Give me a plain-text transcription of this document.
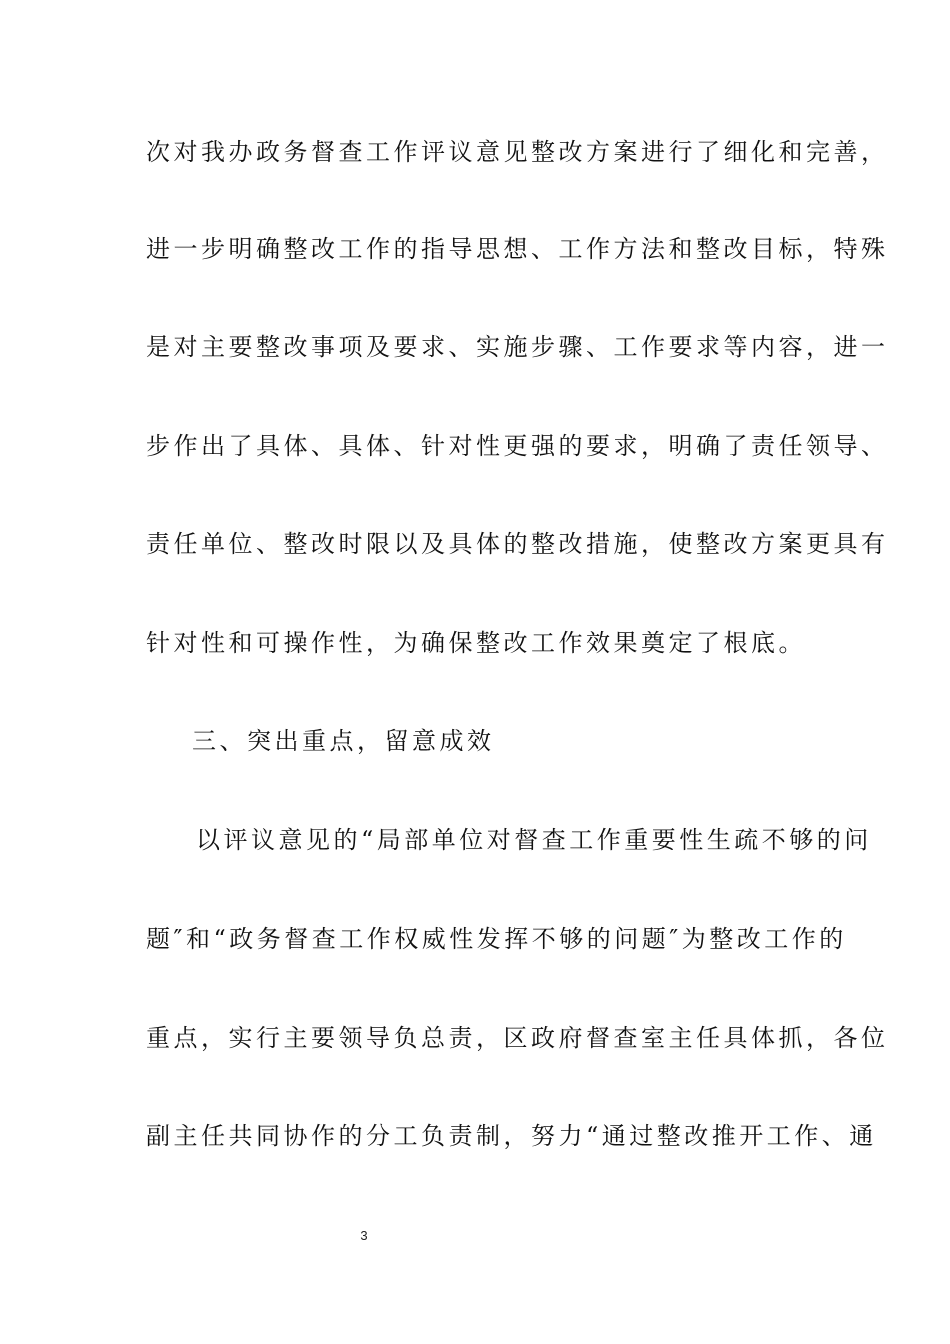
次对我办政务督查工作评议意见整改方案进行了细化和完善，
进一步明确整改工作的指导思想、工作方法和整改目标，特殊
是对主要整改事项及要求、实施步骤、工作要求等内容，进一
步作出了具体、具体、针对性更强的要求，明确了责任领导、
责任单位、整改时限以及具体的整改措施，使整改方案更具有
针对性和可操作性，为确保整改工作效果奠定了根底。
三、突出重点，留意成效
以评议意见的“局部单位对督查工作重要性生疏不够的问
题″和“政务督查工作权威性发挥不够的问题″为整改工作的
重点，实行主要领导负总责，区政府督查室主任具体抓，各位
副主任共同协作的分工负责制，努力“通过整改推开工作、通
3
